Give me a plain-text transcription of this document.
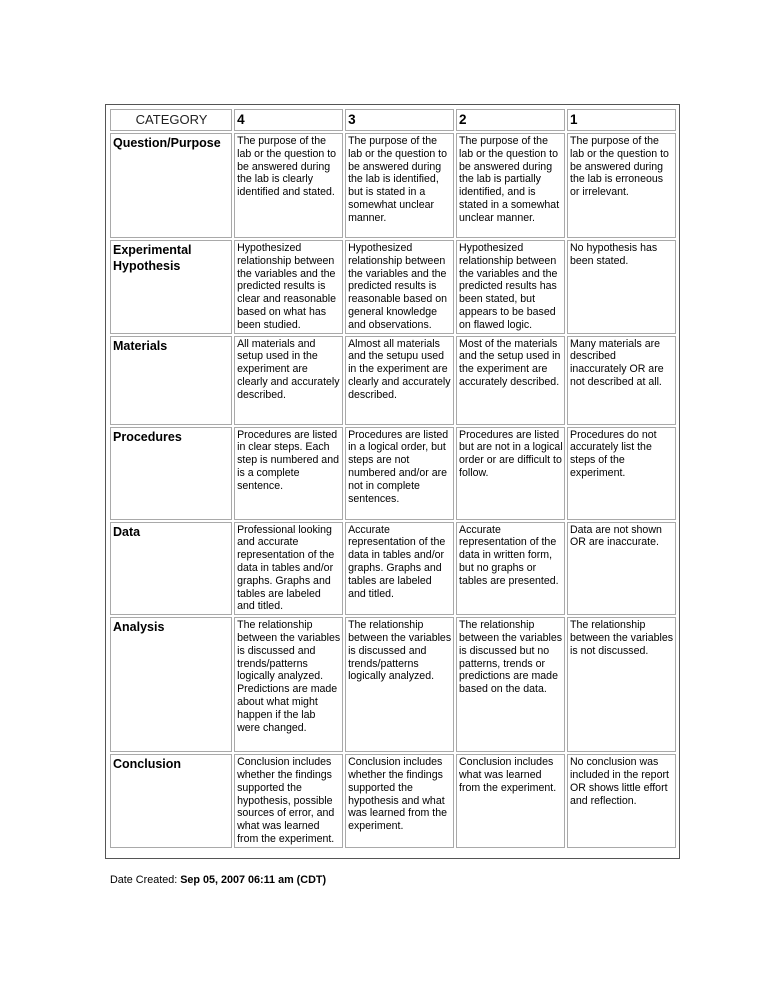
CATEGORY	4	3	2	1
Question/Purpose	The purpose of the lab or the question to be answered during the lab is clearly identified and stated.	The purpose of the lab or the question to be answered during the lab is identified, but is stated in a somewhat unclear manner.	The purpose of the lab or the question to be answered during the lab is partially identified, and is stated in a somewhat unclear manner.	The purpose of the lab or the question to be answered during the lab is erroneous or irrelevant.
Experimental Hypothesis	Hypothesized relationship between the variables and the predicted results is clear and reasonable based on what has been studied.	Hypothesized relationship between the variables and the predicted results is reasonable based on general knowledge and observations.	Hypothesized relationship between the variables and the predicted results has been stated, but appears to be based on flawed logic.	No hypothesis has been stated.
Materials	All materials and setup used in the experiment are clearly and accurately described.	Almost all materials and the setupu used in the experiment are clearly and accurately described.	Most of the materials and the setup used in the experiment are accurately described.	Many materials are described inaccurately OR are not described at all.
Procedures	Procedures are listed in clear steps. Each step is numbered and is a complete sentence.	Procedures are listed in a logical order, but steps are not numbered and/or are not in complete sentences.	Procedures are listed but are not in a logical order or are difficult to follow.	Procedures do not accurately list the steps of the experiment.
Data	Professional looking and accurate representation of the data in tables and/or graphs. Graphs and tables are labeled and titled.	Accurate representation of the data in tables and/or graphs. Graphs and tables are labeled and titled.	Accurate representation of the data in written form, but no graphs or tables are presented.	Data are not shown OR are inaccurate.
Analysis	The relationship between the variables is discussed and trends/patterns logically analyzed. Predictions are made about what might happen if the lab were changed.	The relationship between the variables is discussed and trends/patterns logically analyzed.	The relationship between the variables is discussed but no patterns, trends or predictions are made based on the data.	The relationship between the variables is not discussed.
Conclusion	Conclusion includes whether the findings supported the hypothesis, possible sources of error, and what was learned from the experiment.	Conclusion includes whether the findings supported the hypothesis and what was learned from the experiment.	Conclusion includes what was learned from the experiment.	No conclusion was included in the report OR shows little effort and reflection.
Date Created: Sep 05, 2007 06:11 am (CDT)
